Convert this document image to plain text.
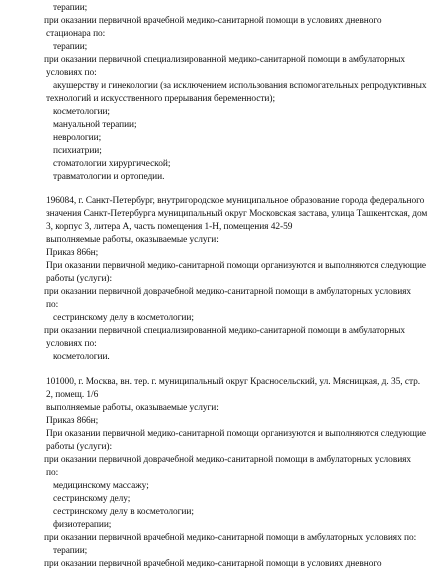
терапии;
при оказании первичной врачебной медико-санитарной помощи в условиях дневного
стационара по:
терапии;
при оказании первичной специализированной медико-санитарной помощи в амбулаторных
условиях по:
акушерству и гинекологии (за исключением использования вспомогательных репродуктивных
технологий и искусственного прерывания беременности);
косметологии;
мануальной терапии;
неврологии;
психиатрии;
стоматологии хирургической;
травматологии и ортопедии.
196084, г. Санкт-Петербург, внутригородское муниципальное образование города федерального
значения Санкт-Петербурга муниципальный округ Московская застава, улица Ташкентская, дом
3, корпус 3, литера А, часть помещения 1-Н, помещения 42-59
выполняемые работы, оказываемые услуги:
Приказ 866н;
При оказании первичной медико-санитарной помощи организуются и выполняются следующие
работы (услуги):
при оказании первичной доврачебной медико-санитарной помощи в амбулаторных условиях
по:
сестринскому делу в косметологии;
при оказании первичной специализированной медико-санитарной помощи в амбулаторных
условиях по:
косметологии.
101000, г. Москва, вн. тер. г. муниципальный округ Красносельский, ул. Мясницкая, д. 35, стр.
2, помещ. 1/6
выполняемые работы, оказываемые услуги:
Приказ 866н;
При оказании первичной медико-санитарной помощи организуются и выполняются следующие
работы (услуги):
при оказании первичной доврачебной медико-санитарной помощи в амбулаторных условиях
по:
медицинскому массажу;
сестринскому делу;
сестринскому делу в косметологии;
физиотерапии;
при оказании первичной врачебной медико-санитарной помощи в амбулаторных условиях по:
терапии;
при оказании первичной врачебной медико-санитарной помощи в условиях дневного
